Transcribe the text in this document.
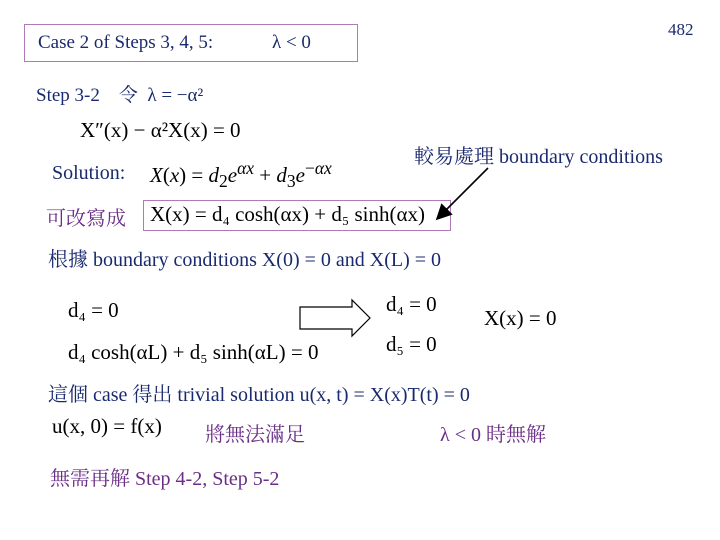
Case 2 of Steps 3, 4, 5:	λ < 0
482
Step 3-2 令 λ = −α²
X″(x) − α²X(x) = 0
Solution: $X(x) = d_2e^{\alpha x} + d_3e^{-\alpha x}$	較易處理 boundary conditions
可改寫成 X(x) = d₄ cosh(αx) + d₅ sinh(αx)
根據 boundary conditions X(0) = 0 and X(L) = 0
d₄ = 0
d₄ cosh(αL) + d₅ sinh(αL) = 0
d₄ = 0
d₅ = 0
X(x) = 0
這個 case 得出 trivial solution u(x, t) = X(x)T(t) = 0
u(x, 0) = f(x) 將無法滿足	λ < 0 時無解
無需再解 Step 4-2, Step 5-2
